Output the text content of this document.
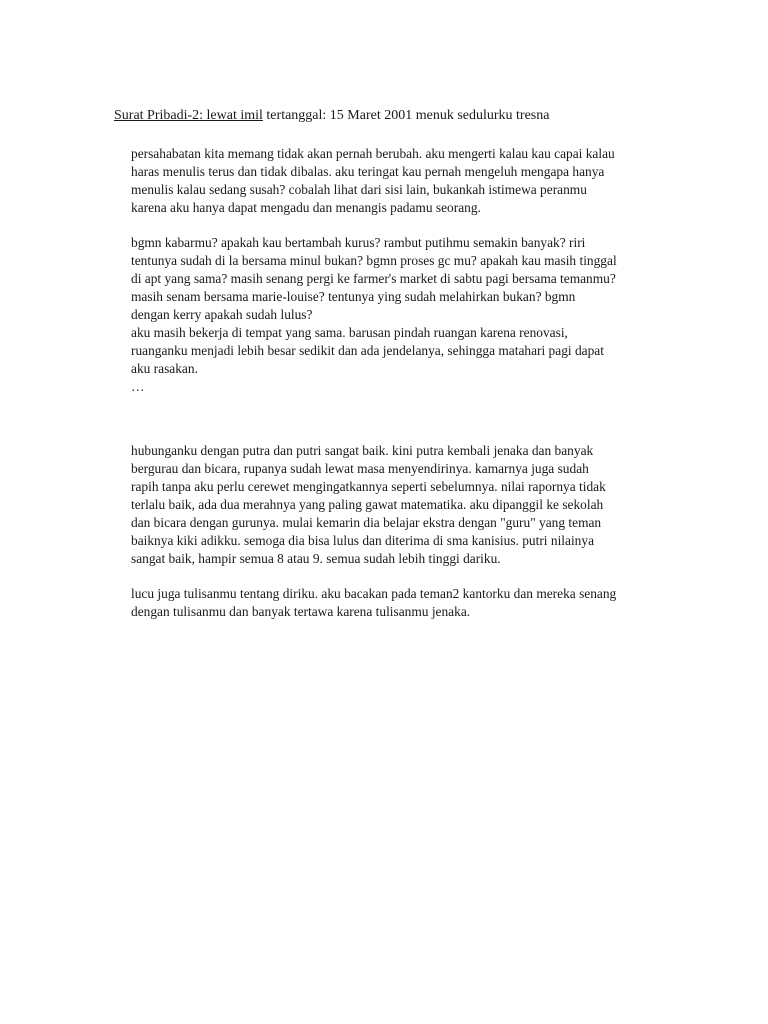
Surat Pribadi-2: lewat imil tertanggal: 15 Maret 2001 menuk sedulurku tresna
persahabatan kita memang tidak akan pernah berubah. aku mengerti kalau kau capai kalau
haras menulis terus dan tidak dibalas. aku teringat kau pernah mengeluh mengapa hanya
menulis kalau sedang susah? cobalah lihat dari sisi lain, bukankah istimewa peranmu
karena aku hanya dapat mengadu dan menangis padamu seorang.
bgmn kabarmu? apakah kau bertambah kurus? rambut putihmu semakin banyak? riri
tentunya sudah di la bersama minul bukan? bgmn proses gc mu? apakah kau masih tinggal
di apt yang sama? masih senang pergi ke farmer's market di sabtu pagi bersama temanmu?
masih senam bersama marie-louise? tentunya ying sudah melahirkan bukan? bgmn
dengan kerry apakah sudah lulus?
aku masih bekerja di tempat yang sama. barusan pindah ruangan karena renovasi,
ruanganku menjadi lebih besar sedikit dan ada jendelanya, sehingga matahari pagi dapat
aku rasakan.
…
hubunganku dengan putra dan putri sangat baik. kini putra kembali jenaka dan banyak
bergurau dan bicara, rupanya sudah lewat masa menyendirinya. kamarnya juga sudah
rapih tanpa aku perlu cerewet mengingatkannya seperti sebelumnya. nilai rapornya tidak
terlalu baik, ada dua merahnya yang paling gawat matematika. aku dipanggil ke sekolah
dan bicara dengan gurunya. mulai kemarin dia belajar ekstra dengan "guru" yang teman
baiknya kiki adikku. semoga dia bisa lulus dan diterima di sma kanisius. putri nilainya
sangat baik, hampir semua 8 atau 9. semua sudah lebih tinggi dariku.
lucu juga tulisanmu tentang diriku. aku bacakan pada teman2 kantorku dan mereka senang
dengan tulisanmu dan banyak tertawa karena tulisanmu jenaka.
